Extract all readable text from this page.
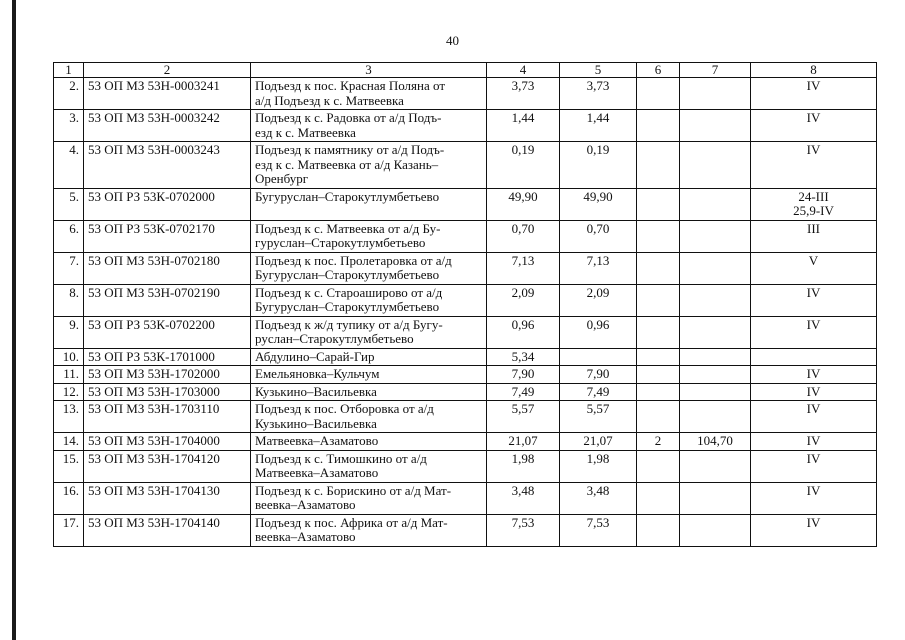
40
1	2	3	4	5	6	7	8
2.	53 ОП МЗ 53Н-0003241	Подъезд к пос. Красная Поляна от
а/д Подъезд к с. Матвеевка	3,73	3,73			IV
3.	53 ОП МЗ 53Н-0003242	Подъезд к с. Радовка от а/д Подъ-
езд к с. Матвеевка	1,44	1,44			IV
4.	53 ОП МЗ 53Н-0003243	Подъезд к памятнику от а/д Подъ-
езд к с. Матвеевка от а/д Казань–
Оренбург	0,19	0,19			IV
5.	53 ОП РЗ 53К-0702000	Бугуруслан–Старокутлумбетьево	49,90	49,90			24-III
25,9-IV
6.	53 ОП РЗ 53К-0702170	Подъезд к с. Матвеевка от а/д Бу-
гуруслан–Старокутлумбетьево	0,70	0,70			III
7.	53 ОП МЗ 53Н-0702180	Подъезд к пос. Пролетаровка от а/д
Бугуруслан–Старокутлумбетьево	7,13	7,13			V
8.	53 ОП МЗ 53Н-0702190	Подъезд к с. Староаширово от а/д
Бугуруслан–Старокутлумбетьево	2,09	2,09			IV
9.	53 ОП РЗ 53К-0702200	Подъезд к ж/д тупику от а/д Бугу-
руслан–Старокутлумбетьево	0,96	0,96			IV
10.	53 ОП РЗ 53К-1701000	Абдулино–Сарай-Гир	5,34				
11.	53 ОП МЗ 53Н-1702000	Емельяновка–Кульчум	7,90	7,90			IV
12.	53 ОП МЗ 53Н-1703000	Кузькино–Васильевка	7,49	7,49			IV
13.	53 ОП МЗ 53Н-1703110	Подъезд к пос. Отборовка от а/д
Кузькино–Васильевка	5,57	5,57			IV
14.	53 ОП МЗ 53Н-1704000	Матвеевка–Азаматово	21,07	21,07	2	104,70	IV
15.	53 ОП МЗ 53Н-1704120	Подъезд к с. Тимошкино от а/д
Матвеевка–Азаматово	1,98	1,98			IV
16.	53 ОП МЗ 53Н-1704130	Подъезд к с. Борискино от а/д Мат-
веевка–Азаматово	3,48	3,48			IV
17.	53 ОП МЗ 53Н-1704140	Подъезд к пос. Африка от а/д Мат-
веевка–Азаматово	7,53	7,53			IV
